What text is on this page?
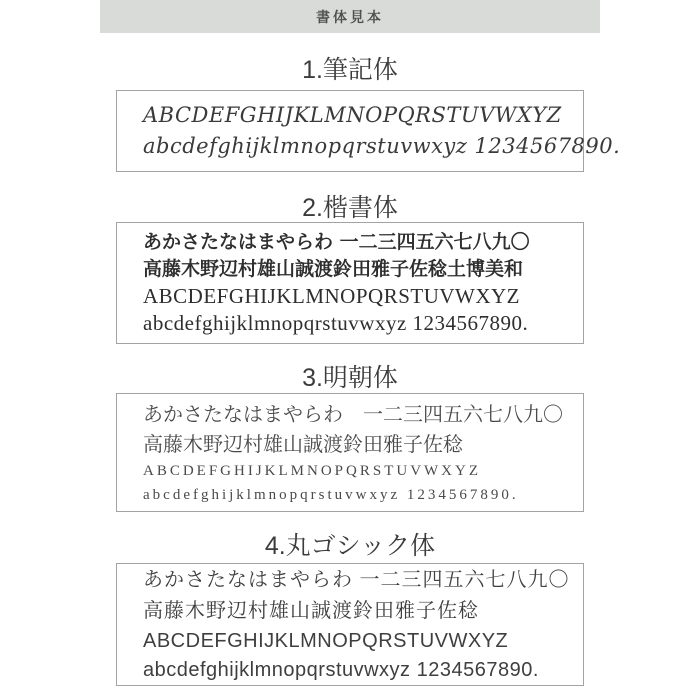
書体見本
1.筆記体
ABCDEFGHIJKLMNOPQRSTUVWXYZ
abcdefghijklmnopqrstuvwxyz 1234567890.
2.楷書体
あかさたなはまやらわ 一二三四五六七八九〇
高藤木野辺村雄山誠渡鈴田雅子佐稔土博美和
ABCDEFGHIJKLMNOPQRSTUVWXYZ
abcdefghijklmnopqrstuvwxyz 1234567890.
3.明朝体
あかさたなはまやらわ　一二三四五六七八九〇
高藤木野辺村雄山誠渡鈴田雅子佐稔
ABCDEFGHIJKLMNOPQRSTUVWXYZ
abcdefghijklmnopqrstuvwxyz 1234567890.
4.丸ゴシック体
あかさたなはまやらわ 一二三四五六七八九〇
高藤木野辺村雄山誠渡鈴田雅子佐稔
ABCDEFGHIJKLMNOPQRSTUVWXYZ
abcdefghijklmnopqrstuvwxyz 1234567890.
